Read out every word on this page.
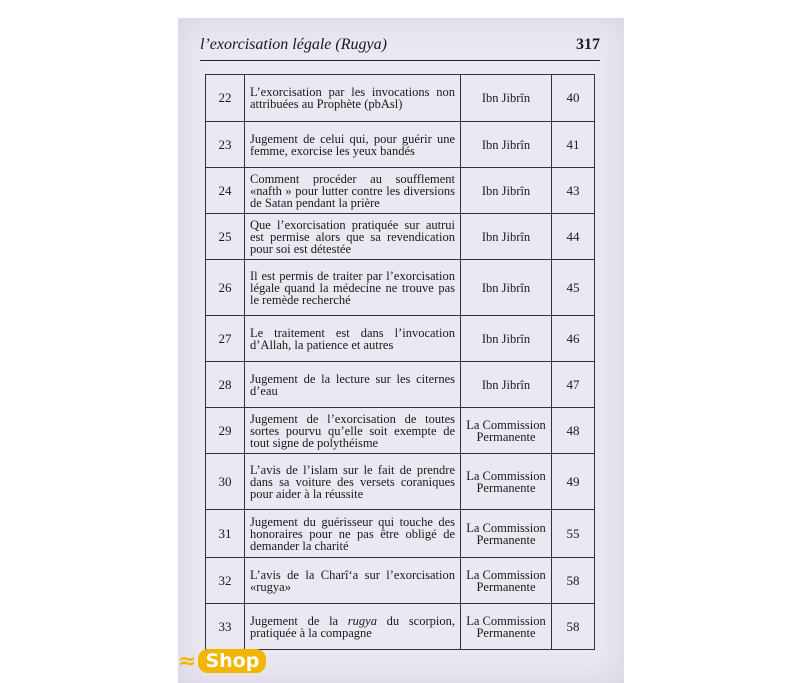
l’exorcisation légale (Rugya)	317
22	L’exorcisation par les invocations non attribuées au Prophète (pbAsl)	Ibn Jibrîn	40
23	Jugement de celui qui, pour guérir une femme, exorcise les yeux bandés	Ibn Jibrîn	41
24	Comment procéder au soufflement «nafth » pour lutter contre les diversions de Satan pendant la prière	Ibn Jibrîn	43
25	Que l’exorcisation pratiquée sur autrui est permise alors que sa revendication pour soi est détestée	Ibn Jibrîn	44
26	Il est permis de traiter par l’exorcisation légale quand la médecine ne trouve pas le remède recherché	Ibn Jibrîn	45
27	Le traitement est dans l’invocation d’Allah, la patience et autres	Ibn Jibrîn	46
28	Jugement de la lecture sur les citernes d’eau	Ibn Jibrîn	47
29	Jugement de l’exorcisation de toutes sortes pourvu qu’elle soit exempte de tout signe de polythéisme	La Commission Permanente	48
30	L’avis de l’islam sur le fait de prendre dans sa voiture des versets coraniques pour aider à la réussite	La Commission Permanente	49
31	Jugement du guérisseur qui touche des honoraires pour ne pas être obligé de demander la charité	La Commission Permanente	55
32	L’avis de la Charî‘a sur l’exorcisation «rugya»	La Commission Permanente	58
33	Jugement de la rugya du scorpion, pratiquée à la compagne	La Commission Permanente	58
≈ Shop
